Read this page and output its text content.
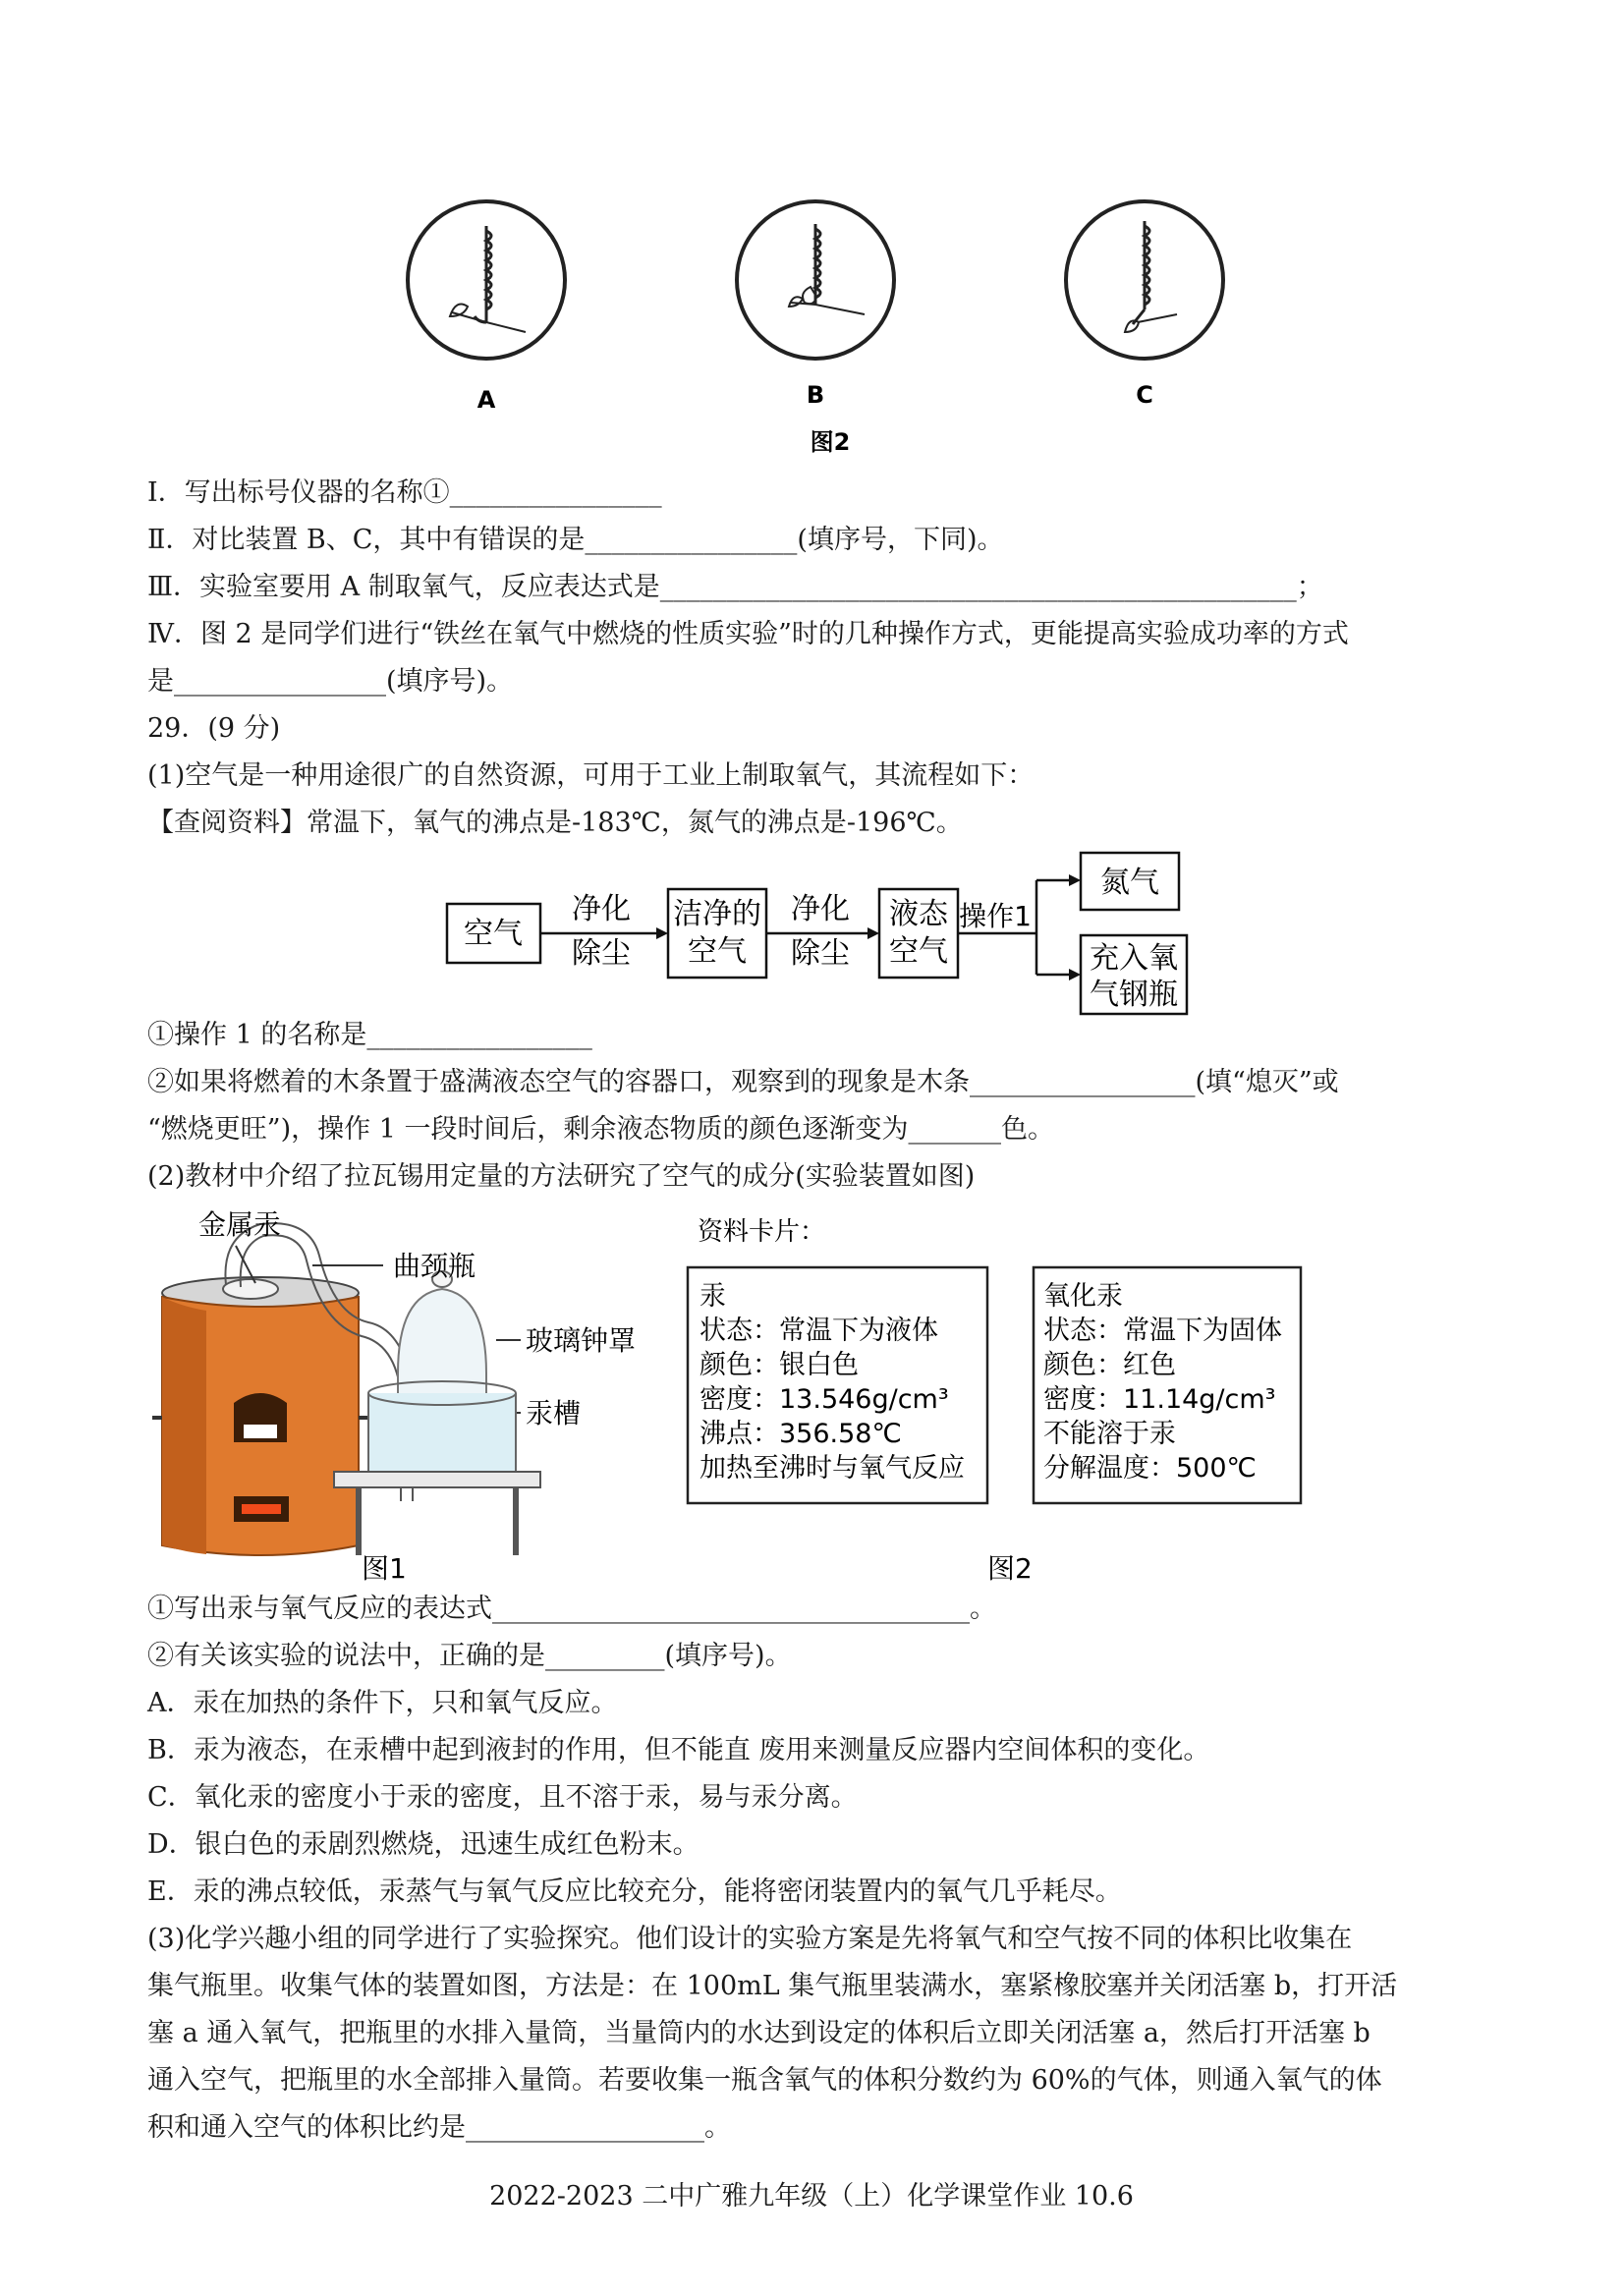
A	B	C
图2
Ⅰ．写出标号仪器的名称①________________
Ⅱ．对比装置 B、C，其中有错误的是________________(填序号，下同)。
Ⅲ．实验室要用 A 制取氧气，反应表达式是________________________________________________；
Ⅳ．图 2 是同学们进行“铁丝在氧气中燃烧的性质实验”时的几种操作方式，更能提高实验成功率的方式
是________________(填序号)。
29．(9 分)
(1)空气是一种用途很广的自然资源，可用于工业上制取氧气，其流程如下：
【查阅资料】常温下，氧气的沸点是-183℃，氮气的沸点是-196℃。
空气
净化
除尘
洁净的
空气
净化
除尘
液态
空气
操作1
氮气
充入氧
气钢瓶
①操作 1 的名称是_________________
②如果将燃着的木条置于盛满液态空气的容器口，观察到的现象是木条_________________(填“熄灭”或
“燃烧更旺”)，操作 1 一段时间后，剩余液态物质的颜色逐渐变为_______色。
(2)教材中介绍了拉瓦锡用定量的方法研究了空气的成分(实验装置如图)
金属汞
曲颈瓶
玻璃钟罩
汞槽
图1
资料卡片：
汞
状态：常温下为液体
颜色：银白色
密度：13.546g/cm³
沸点：356.58℃
加热至沸时与氧气反应
氧化汞
状态：常温下为固体
颜色：红色
密度：11.14g/cm³
不能溶于汞
分解温度：500℃
图2
①写出汞与氧气反应的表达式____________________________________。
②有关该实验的说法中，正确的是_________(填序号)。
A．汞在加热的条件下，只和氧气反应。
B．汞为液态，在汞槽中起到液封的作用，但不能直 废用来测量反应器内空间体积的变化。
C．氧化汞的密度小于汞的密度，且不溶于汞，易与汞分离。
D．银白色的汞剧烈燃烧，迅速生成红色粉末。
E．汞的沸点较低，汞蒸气与氧气反应比较充分，能将密闭装置内的氧气几乎耗尽。
(3)化学兴趣小组的同学进行了实验探究。他们设计的实验方案是先将氧气和空气按不同的体积比收集在
集气瓶里。收集气体的装置如图，方法是：在 100mL 集气瓶里装满水，塞紧橡胶塞并关闭活塞 b，打开活
塞 a 通入氧气，把瓶里的水排入量筒，当量筒内的水达到设定的体积后立即关闭活塞 a，然后打开活塞 b
通入空气，把瓶里的水全部排入量筒。若要收集一瓶含氧气的体积分数约为 60%的气体，则通入氧气的体
积和通入空气的体积比约是__________________。
2022-2023 二中广雅九年级（上）化学课堂作业 10.6
